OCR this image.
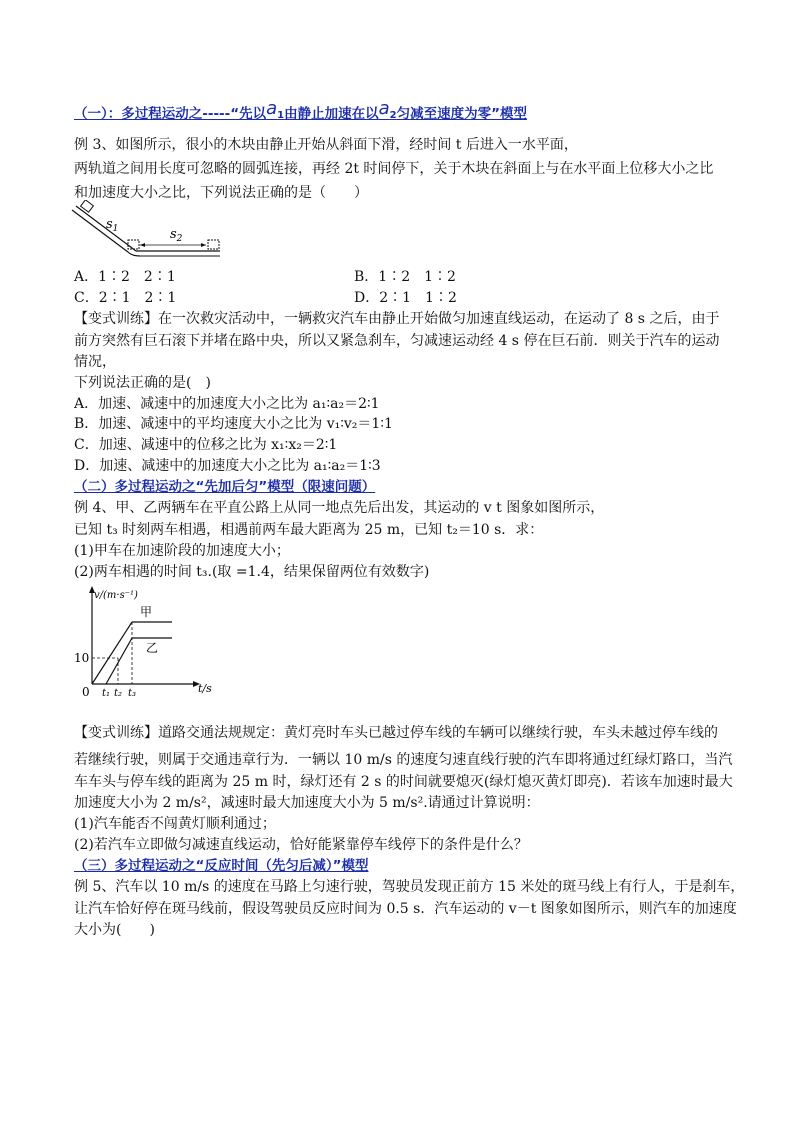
（一）：多过程运动之-----“先以a1由静止加速在以a2匀减至速度为零”模型
例 3、如图所示，很小的木块由静止开始从斜面下滑，经时间 t 后进入一水平面，
两轨道之间用长度可忽略的圆弧连接，再经 2t 时间停下，关于木块在斜面上与在水平面上位移大小之比
和加速度大小之比，下列说法正确的是（　　）
$s_1$	$s_2$
A．1∶2　2∶1	B．1∶2　1∶2
C．2∶1　2∶1	D．2∶1　1∶2
【变式训练】在一次救灾活动中，一辆救灾汽车由静止开始做匀加速直线运动，在运动了 8 s 之后，由于
前方突然有巨石滚下并堵在路中央，所以又紧急刹车，匀减速运动经 4 s 停在巨石前．则关于汽车的运动
情况，
下列说法正确的是(　)
A．加速、减速中的加速度大小之比为 a₁∶a₂＝2∶1
B．加速、减速中的平均速度大小之比为 v₁∶v₂＝1∶1
C．加速、减速中的位移之比为 x₁∶x₂＝2∶1
D．加速、减速中的加速度大小之比为 a₁∶a₂＝1∶3
（二）多过程运动之“先加后匀”模型（限速问题）
例 4、甲、乙两辆车在平直公路上从同一地点先后出发，其运动的 v t 图象如图所示，
已知 t₃ 时刻两车相遇，相遇前两车最大距离为 25 m，已知 t₂＝10 s．求：
(1)甲车在加速阶段的加速度大小；
(2)两车相遇的时间 t₃.(取 =1.4，结果保留两位有效数字)
v/(m·s⁻¹)
t/s
甲
乙
10
0 t₁ t₂ t₃
【变式训练】道路交通法规规定：黄灯亮时车头已越过停车线的车辆可以继续行驶，车头未越过停车线的
若继续行驶，则属于交通违章行为．一辆以 10 m/s 的速度匀速直线行驶的汽车即将通过红绿灯路口，当汽
车车头与停车线的距离为 25 m 时，绿灯还有 2 s 的时间就要熄灭(绿灯熄灭黄灯即亮)．若该车加速时最大
加速度大小为 2 m/s²，减速时最大加速度大小为 5 m/s².请通过计算说明：
(1)汽车能否不闯黄灯顺利通过；
(2)若汽车立即做匀减速直线运动，恰好能紧靠停车线停下的条件是什么？
（三）多过程运动之“反应时间（先匀后减）”模型
例 5、汽车以 10 m/s 的速度在马路上匀速行驶，驾驶员发现正前方 15 米处的斑马线上有行人，于是刹车，
让汽车恰好停在斑马线前，假设驾驶员反应时间为 0.5 s．汽车运动的 v－t 图象如图所示，则汽车的加速度
大小为(　　)
